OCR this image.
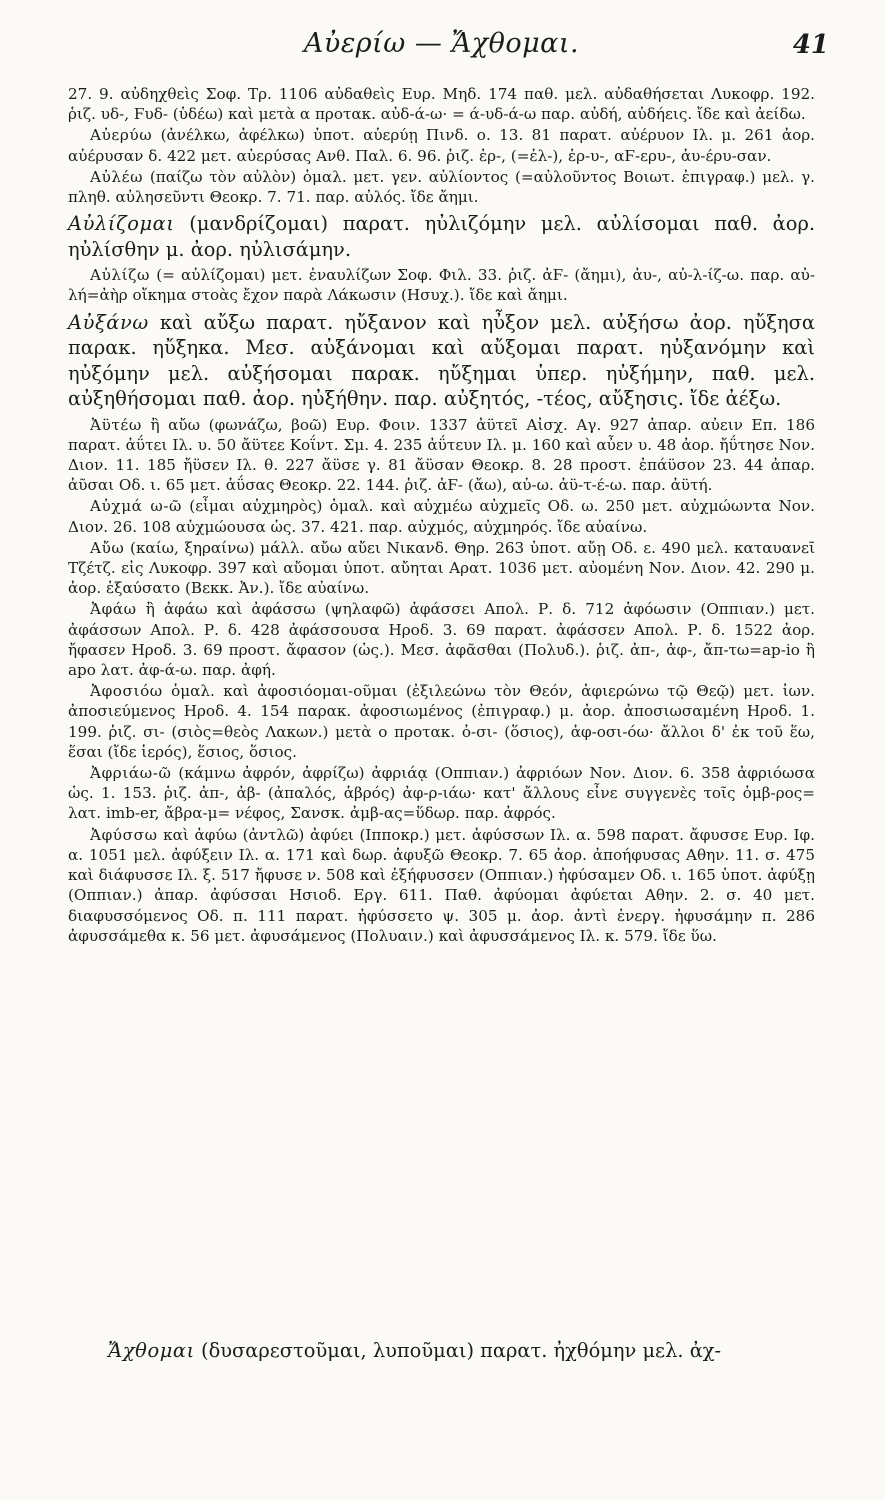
Αὐερίω — Ἄχθομαι.	41

27. 9. αὐδηχθεὶς Σοφ. Τρ. 1106 αὐδαθεὶς Ευρ. Μηδ. 174 παθ. μελ. αὐδαθήσεται Λυκοφρ. 192. ῥιζ. υδ-, Ϝυδ- (ὑδέω) καὶ μετὰ α προτακ. αὐδ-ά-ω· = ά-υδ-ά-ω παρ. αὐδή, αὐδήεις. ἴδε καὶ ἀείδω.

Αὐερύω (ἀνέλκω, ἀφέλκω) ὑποτ. αὐερύῃ Πινδ. ο. 13. 81 παρατ. αὐέρυον Ιλ. μ. 261 ἀορ. αὐέρυσαν δ. 422 μετ. αὐερύσας Ανθ. Παλ. 6. 96. ῥιζ. ἐρ-, (=ἐλ-), ἐρ-υ-, αϜ-ερυ-, ἀυ-έρυ-σαν.

Αὐλέω (παίζω τὸν αὐλὸν) ὁμαλ. μετ. γεν. αὐλίοντος (=αὐλοῦντος Βοιωτ. ἐπιγραφ.) μελ. γ. πληθ. αὐλησεῦντι Θεοκρ. 7. 71. παρ. αὐλός. ἴδε ἄημι.

Αὐλίζομαι (μανδρίζομαι) παρατ. ηὐλιζόμην μελ. αὐλίσομαι παθ. ἀορ. ηὐλίσθην μ. ἀορ. ηὐλισάμην.

Αὐλίζω (= αὐλίζομαι) μετ. ἐναυλίζων Σοφ. Φιλ. 33. ῥιζ. ἀϜ- (ἄημι), ἀυ-, αὐ-λ-ίζ-ω. παρ. αὐ-λή=ἀὴρ οἴκημα στοὰς ἔχον παρὰ Λάκωσιν (Ησυχ.). ἴδε καὶ ἄημι.

Αὐξάνω καὶ αὔξω παρατ. ηὔξανον καὶ ηὖξον μελ. αὐξήσω ἀορ. ηὔξησα παρακ. ηὔξηκα. Μεσ. αὐξάνομαι καὶ αὔξομαι παρατ. ηὐξανόμην καὶ ηὐξόμην μελ. αὐξήσομαι παρακ. ηὔξημαι ὑπερ. ηὐξήμην, παθ. μελ. αὐξηθήσομαι παθ. ἀορ. ηὐξήθην. παρ. αὐξητός, -τέος, αὔξησις. ἴδε ἀέξω.

Ἀϋτέω ἢ αὔω (φωνάζω, βοῶ) Ευρ. Φοιν. 1337 ἀϋτεῖ Αἰσχ. Αγ. 927 ἀπαρ. αὐειν Επ. 186 παρατ. ἀΰτει Ιλ. υ. 50 ἄϋτεε Κοΐντ. Σμ. 4. 235 ἀΰτευν Ιλ. μ. 160 καὶ αὖεν υ. 48 ἀορ. ἤΰτησε Νον. Διον. 11. 185 ἤϋσεν Ιλ. θ. 227 ἄϋσε γ. 81 ἄϋσαν Θεοκρ. 8. 28 προστ. ἐπάϋσον 23. 44 ἀπαρ. ἀῦσαι Οδ. ι. 65 μετ. ἀΰσας Θεοκρ. 22. 144. ῥιζ. ἀϜ- (ἄω), αὐ-ω. ἀϋ-τ-έ-ω. παρ. ἀϋτή.

Αὐχμά ω-ῶ (εἶμαι αὐχμηρὸς) ὁμαλ. καὶ αὐχμέω αὐχμεῖς Οδ. ω. 250 μετ. αὐχμώωντα Νον. Διον. 26. 108 αὐχμώουσα ὡς. 37. 421. παρ. αὐχμός, αὐχμηρός. ἴδε αὐαίνω.

Αὔω (καίω, ξηραίνω) μάλλ. αὔω αὔει Νικανδ. Θηρ. 263 ὑποτ. αὔῃ Οδ. ε. 490 μελ. καταυανεῖ Τζέτζ. εἰς Λυκοφρ. 397 καὶ αὔομαι ὑποτ. αὔηται Αρατ. 1036 μετ. αὐομένη Νον. Διον. 42. 290 μ. ἀορ. ἐξαύσατο (Βεκκ. Ἀν.). ἴδε αὐαίνω.

Ἀφάω ἢ ἀφάω καὶ ἀφάσσω (ψηλαφῶ) ἀφάσσει Απολ. Ρ. δ. 712 ἀφόωσιν (Οππιαν.) μετ. ἀφάσσων Απολ. Ρ. δ. 428 ἀφάσσουσα Ηροδ. 3. 69 παρατ. ἀφάσσεν Απολ. Ρ. δ. 1522 ἀορ. ἤφασεν Ηροδ. 3. 69 προστ. ἄφασον (ὡς.). Μεσ. ἀφᾶσθαι (Πολυδ.). ῥιζ. ἀπ-, ἀφ-, ἄπ-τω=ap-io ἢ apo λατ. ἀφ-ά-ω. παρ. ἀφή.

Ἀφοσιόω ὁμαλ. καὶ ἀφοσιόομαι-οῦμαι (ἐξιλεώνω τὸν Θεόν, ἀφιερώνω τῷ Θεῷ) μετ. ἰων. ἀποσιεύμενος Ηροδ. 4. 154 παρακ. ἀφοσιωμένος (ἐπιγραφ.) μ. ἀορ. ἀποσιωσαμένη Ηροδ. 1. 199. ῥιζ. σι- (σιὸς=θεὸς Λακων.) μετὰ ο προτακ. ὀ-σι- (ὅσιος), ἀφ-οσι-όω· ἄλλοι δ' ἐκ τοῦ ἕω, ἕσαι (ἴδε ἱερός), ἕσιος, ὅσιος.

Ἀφριάω-ῶ (κάμνω ἀφρόν, ἀφρίζω) ἀφριάᾳ (Οππιαν.) ἀφριόων Νον. Διον. 6. 358 ἀφριόωσα ὡς. 1. 153. ῥιζ. ἀπ-, ἀβ- (ἀπαλός, ἁβρός) ἀφ-ρ-ιάω· κατ' ἄλλους εἶνε συγγενὲς τοῖς ὀμβ-ρος= λατ. imb-er, ἄβρα-μ= νέφος, Σανσκ. ἀμβ-ας=ὕδωρ. παρ. ἀφρός.

Ἀφύσσω καὶ ἀφύω (ἀντλῶ) ἀφύει (Ιπποκρ.) μετ. ἀφύσσων Ιλ. α. 598 παρατ. ἄφυσσε Ευρ. Ιφ. α. 1051 μελ. ἀφύξειν Ιλ. α. 171 καὶ δωρ. ἀφυξῶ Θεοκρ. 7. 65 ἀορ. ἀποήφυσας Αθην. 11. σ. 475 καὶ διάφυσσε Ιλ. ξ. 517 ἤφυσε ν. 508 καὶ ἐξήφυσσεν (Οππιαν.) ἠφύσαμεν Οδ. ι. 165 ὑποτ. ἀφύξῃ (Οππιαν.) ἀπαρ. ἀφύσσαι Ησιοδ. Εργ. 611. Παθ. ἀφύομαι ἀφύεται Αθην. 2. σ. 40 μετ. διαφυσσόμενος Οδ. π. 111 παρατ. ἠφύσσετο ψ. 305 μ. ἀορ. ἀντὶ ἐνεργ. ἠφυσάμην π. 286 ἀφυσσάμεθα κ. 56 μετ. ἀφυσάμενος (Πολυαιν.) καὶ ἀφυσσάμενος Ιλ. κ. 579. ἴδε ὕω.

Ἄχθομαι (δυσαρεστοῦμαι, λυποῦμαι) παρατ. ἠχθόμην μελ. ἀχ-
